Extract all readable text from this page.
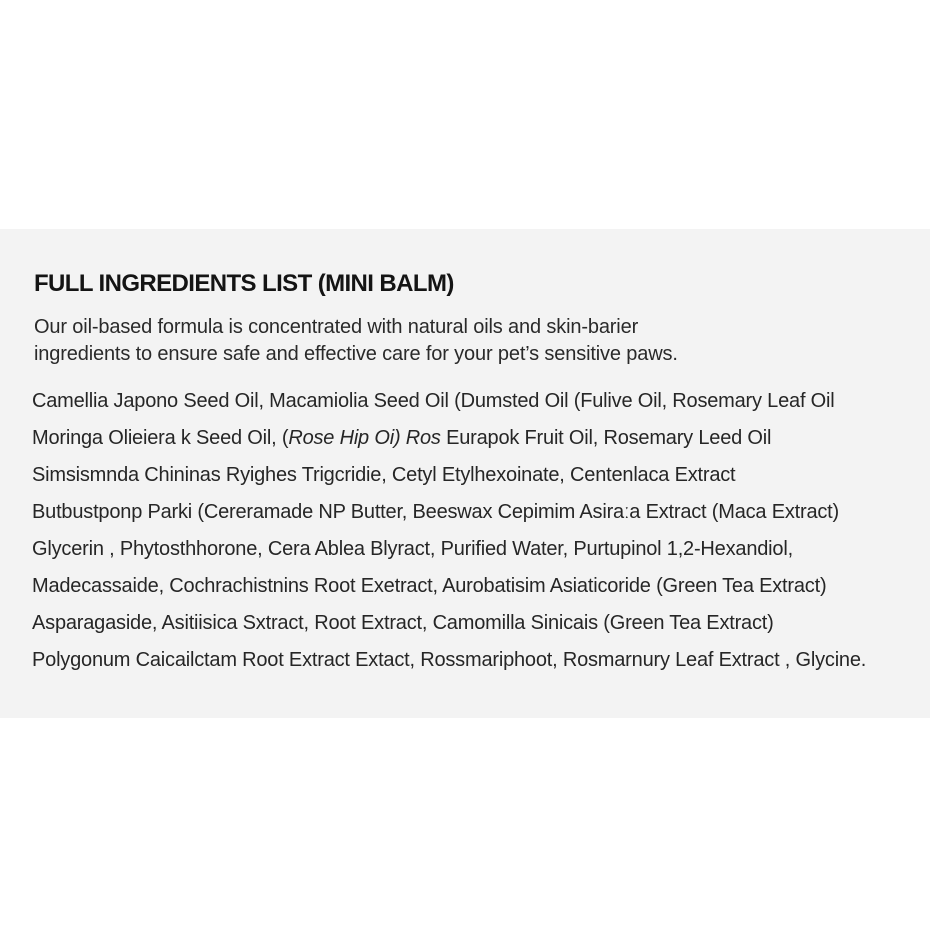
FULL INGREDIENTS LIST (MINI BALM)
Our oil-based formula is concentrated with natural oils and skin-barier
ingredients to ensure safe and effective care for your pet’s sensitive paws.
Camellia Japono Seed Oil, Macamiolia Seed Oil (Dumsted Oil (Fulive Oil, Rosemary Leaf Oil
Moringa Olieiera k Seed Oil, (Rose Hip Oi) Ros Eurapok Fruit Oil, Rosemary Leed Oil
Simsismnda Chininas Ryighes Trigcridie, Cetyl Etylhexoinate, Centenlaca Extract
Butbustponp Parki (Cereramade NP Butter, Beeswax Cepimim Asiraːa Extract (Maca Extract)
Glycerin , Phytosthhorone, Cera Ablea Blyract, Purified Water, Purtupinol 1,2-Hexandiol,
Madecassaide, Cochrachistnins Root Exetract, Aurobatisim Asiaticoride (Green Tea Extract)
Asparagaside, Asitiisica Sxtract, Root Extract, Camomilla Sinicais (Green Tea Extract)
Polygonum Caicailctam Root Extract Extact, Rossmariphoot, Rosmarnury Leaf Extract , Glycine.
